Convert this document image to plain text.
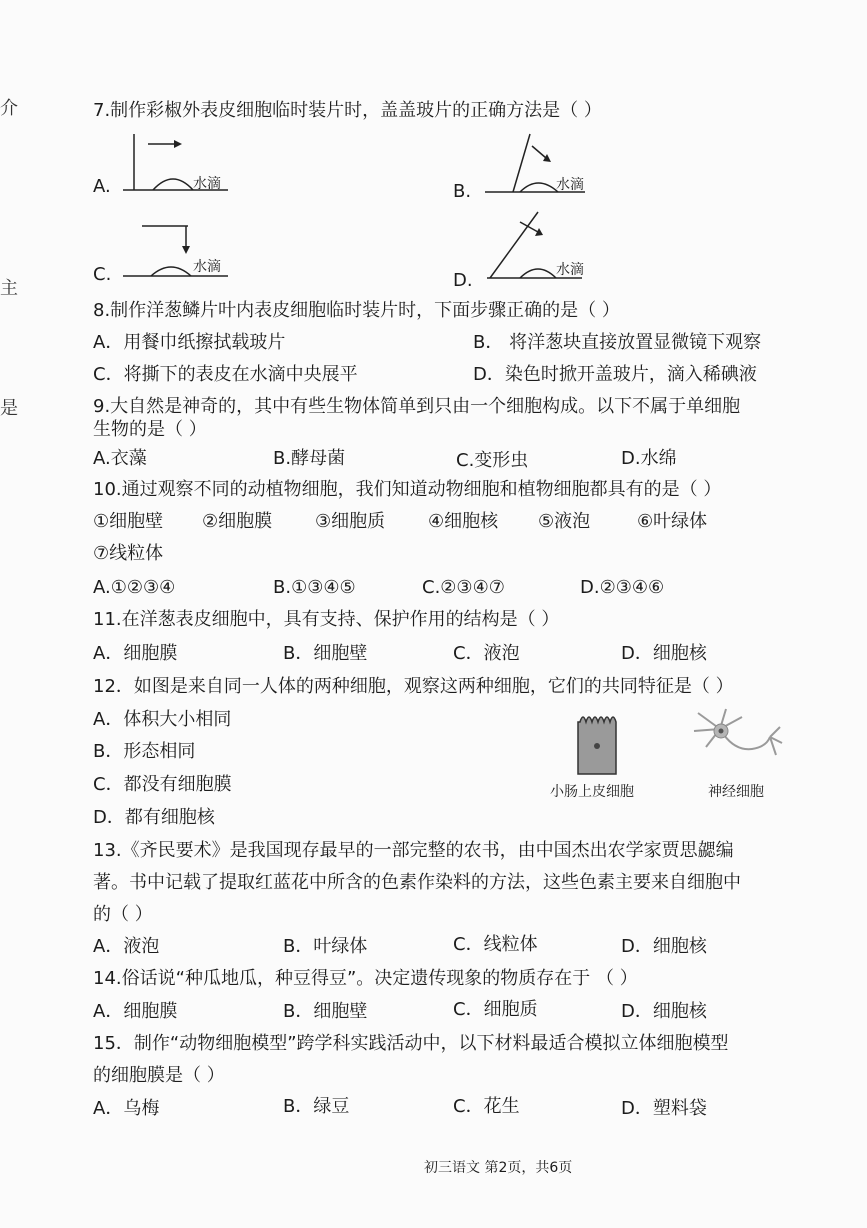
介
主
是
7.制作彩椒外表皮细胞临时装片时，盖盖玻片的正确方法是（ ）
A.	水滴	B.	水滴
C.	水滴
D.	水滴
8.制作洋葱鳞片叶内表皮细胞临时装片时，下面步骤正确的是（ ）
A．用餐巾纸擦拭载玻片	B． 将洋葱块直接放置显微镜下观察
C．将撕下的表皮在水滴中央展平	D．染色时掀开盖玻片，滴入稀碘液
9.大自然是神奇的，其中有些生物体简单到只由一个细胞构成。以下不属于单细胞
生物的是（ ）
A.衣藻	B.酵母菌	C.变形虫	D.水绵
10.通过观察不同的动植物细胞，我们知道动物细胞和植物细胞都具有的是（ ）
①细胞壁 ②细胞膜 ③细胞质 ④细胞核 ⑤液泡	⑥叶绿体
⑦线粒体
A.①②③④	B.①③④⑤	C.②③④⑦	D.②③④⑥
11.在洋葱表皮细胞中，具有支持、保护作用的结构是（ ）
A．细胞膜	B．细胞壁	C．液泡	D．细胞核
12．如图是来自同一人体的两种细胞，观察这两种细胞，它们的共同特征是（ ）
A．体积大小相同
B．形态相同
C．都没有细胞膜
D．都有细胞核
小肠上皮细胞	神经细胞
13.《齐民要术》是我国现存最早的一部完整的农书，由中国杰出农学家贾思勰编
著。书中记载了提取红蓝花中所含的色素作染料的方法，这些色素主要来自细胞中
的（ ）
A．液泡	B．叶绿体	C．线粒体	D．细胞核
14.俗话说“种瓜地瓜，种豆得豆”。决定遗传现象的物质存在于 （ ）
A．细胞膜	B．细胞壁	C．细胞质	D．细胞核
15．制作“动物细胞模型”跨学科实践活动中，以下材料最适合模拟立体细胞模型
的细胞膜是（ ）
A．乌梅	B．绿豆	C．花生	D．塑料袋
初三语文 第2页，共6页
